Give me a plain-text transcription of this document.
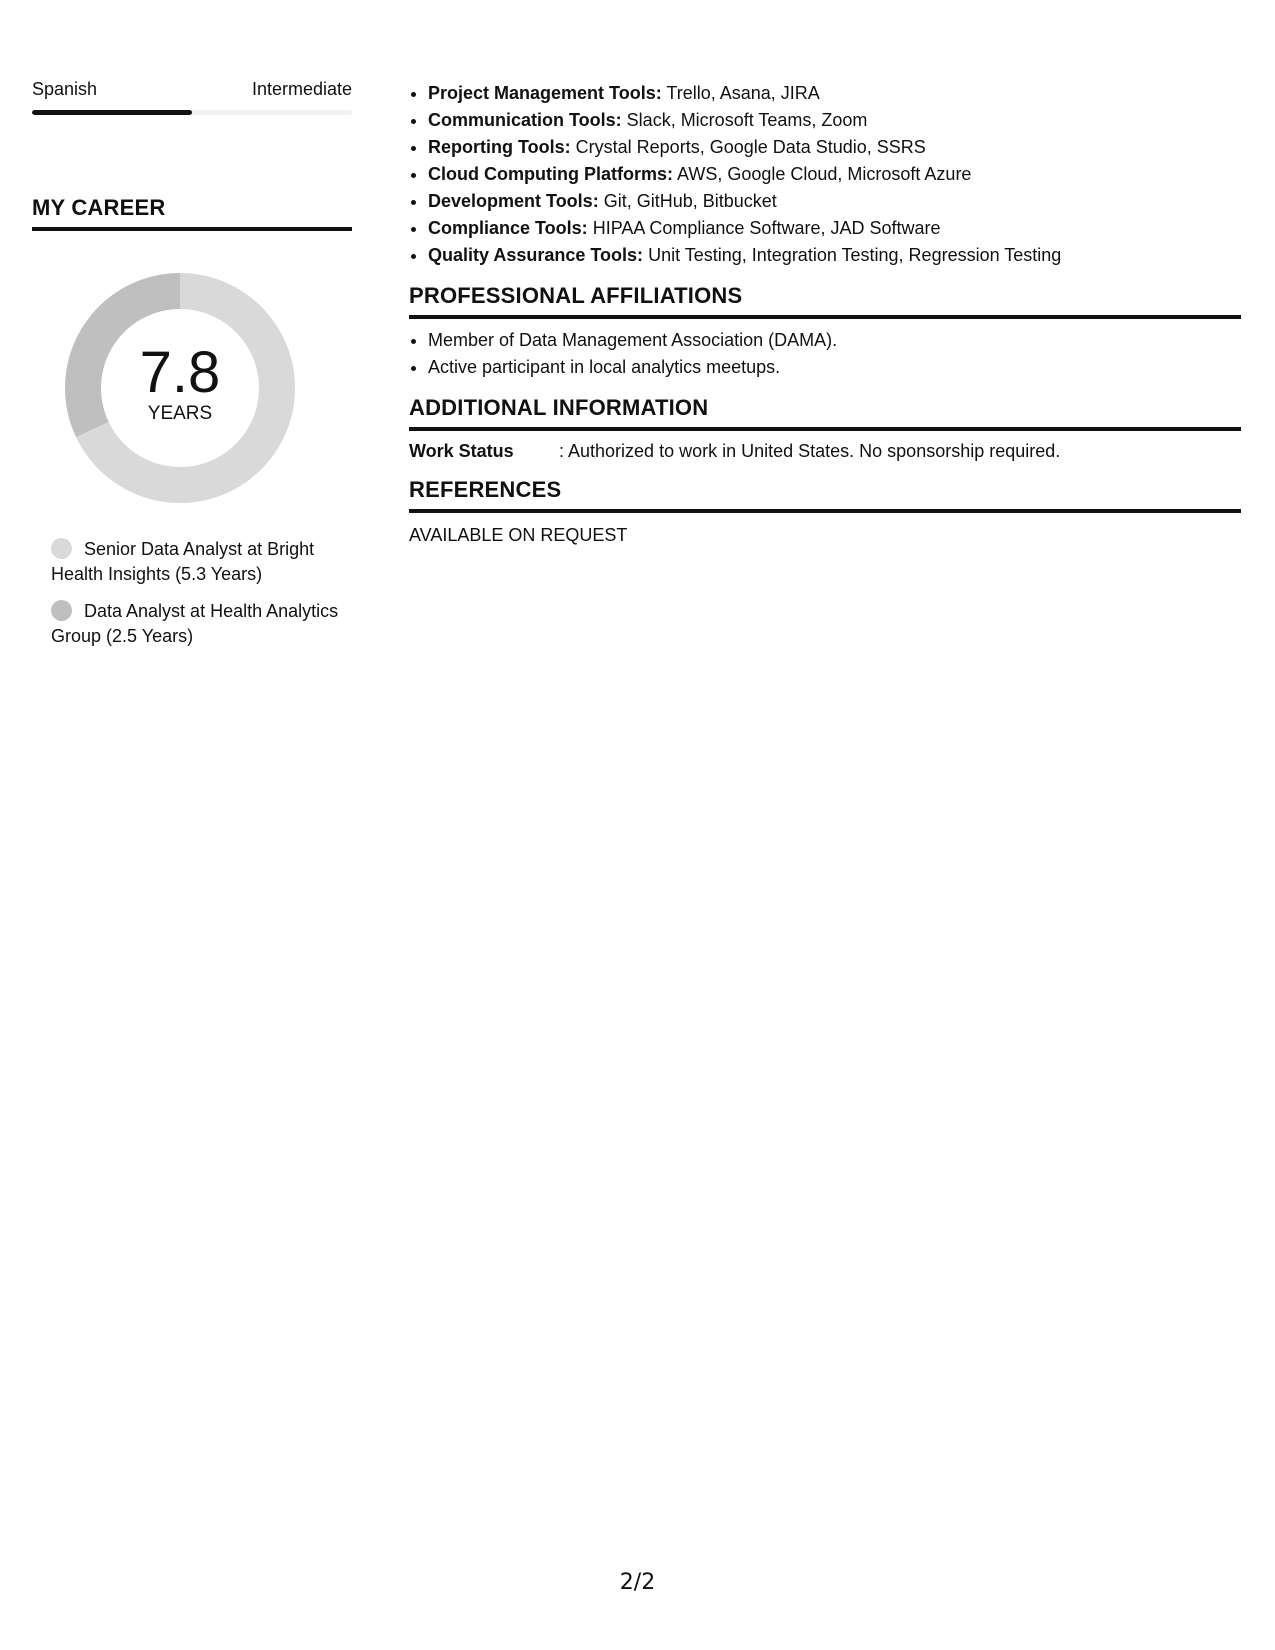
Spanish	Intermediate
MY CAREER
7.8
YEARS
Senior Data Analyst at Bright Health Insights (5.3 Years)
Data Analyst at Health Analytics Group (2.5 Years)
• Project Management Tools: Trello, Asana, JIRA
• Communication Tools: Slack, Microsoft Teams, Zoom
• Reporting Tools: Crystal Reports, Google Data Studio, SSRS
• Cloud Computing Platforms: AWS, Google Cloud, Microsoft Azure
• Development Tools: Git, GitHub, Bitbucket
• Compliance Tools: HIPAA Compliance Software, JAD Software
• Quality Assurance Tools: Unit Testing, Integration Testing, Regression Testing
PROFESSIONAL AFFILIATIONS
• Member of Data Management Association (DAMA).
• Active participant in local analytics meetups.
ADDITIONAL INFORMATION
Work Status	: Authorized to work in United States. No sponsorship required.
REFERENCES
AVAILABLE ON REQUEST
2/2
